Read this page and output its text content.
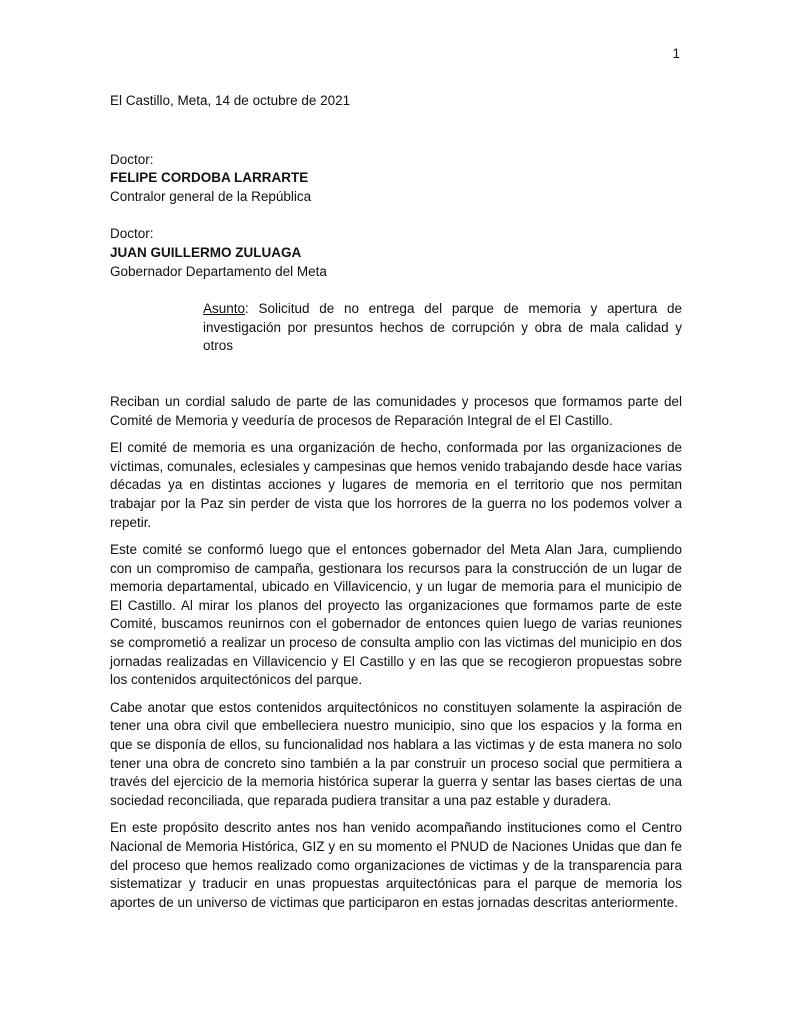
1

El Castillo, Meta, 14 de octubre de 2021

Doctor:
FELIPE CORDOBA LARRARTE
Contralor general de la República
Doctor:
JUAN GUILLERMO ZULUAGA
Gobernador Departamento del Meta
Asunto: Solicitud de no entrega del parque de memoria y apertura de investigación por presuntos hechos de corrupción y obra de mala calidad y otros

Reciban un cordial saludo de parte de las comunidades y procesos que formamos parte del Comité de Memoria y veeduría de procesos de Reparación Integral de el El Castillo.

El comité de memoria es una organización de hecho, conformada por las organizaciones de víctimas, comunales, eclesiales y campesinas que hemos venido trabajando desde hace varias décadas ya en distintas acciones y lugares de memoria en el territorio que nos permitan trabajar por la Paz sin perder de vista que los horrores de la guerra no los podemos volver a repetir.

Este comité se conformó luego que el entonces gobernador del Meta Alan Jara, cumpliendo con un compromiso de campaña, gestionara los recursos para la construcción de un lugar de memoria departamental, ubicado en Villavicencio, y un lugar de memoria para el municipio de El Castillo. Al mirar los planos del proyecto las organizaciones que formamos parte de este Comité, buscamos reunirnos con el gobernador de entonces quien luego de varias reuniones se comprometió a realizar un proceso de consulta amplio con las victimas del municipio en dos jornadas realizadas en Villavicencio y El Castillo y en las que se recogieron propuestas sobre los contenidos arquitectónicos del parque.

Cabe anotar que estos contenidos arquitectónicos no constituyen solamente la aspiración de tener una obra civil que embelleciera nuestro municipio, sino que los espacios y la forma en que se disponía de ellos, su funcionalidad nos hablara a las victimas y de esta manera no solo tener una obra de concreto sino también a la par construir un proceso social que permitiera a través del ejercicio de la memoria histórica superar la guerra y sentar las bases ciertas de una sociedad reconciliada, que reparada pudiera transitar a una paz estable y duradera.

En este propósito descrito antes nos han venido acompañando instituciones como el Centro Nacional de Memoria Histórica, GIZ y en su momento el PNUD de Naciones Unidas que dan fe del proceso que hemos realizado como organizaciones de victimas y de la transparencia para sistematizar y traducir en unas propuestas arquitectónicas para el parque de memoria los aportes de un universo de victimas que participaron en estas jornadas descritas anteriormente.
